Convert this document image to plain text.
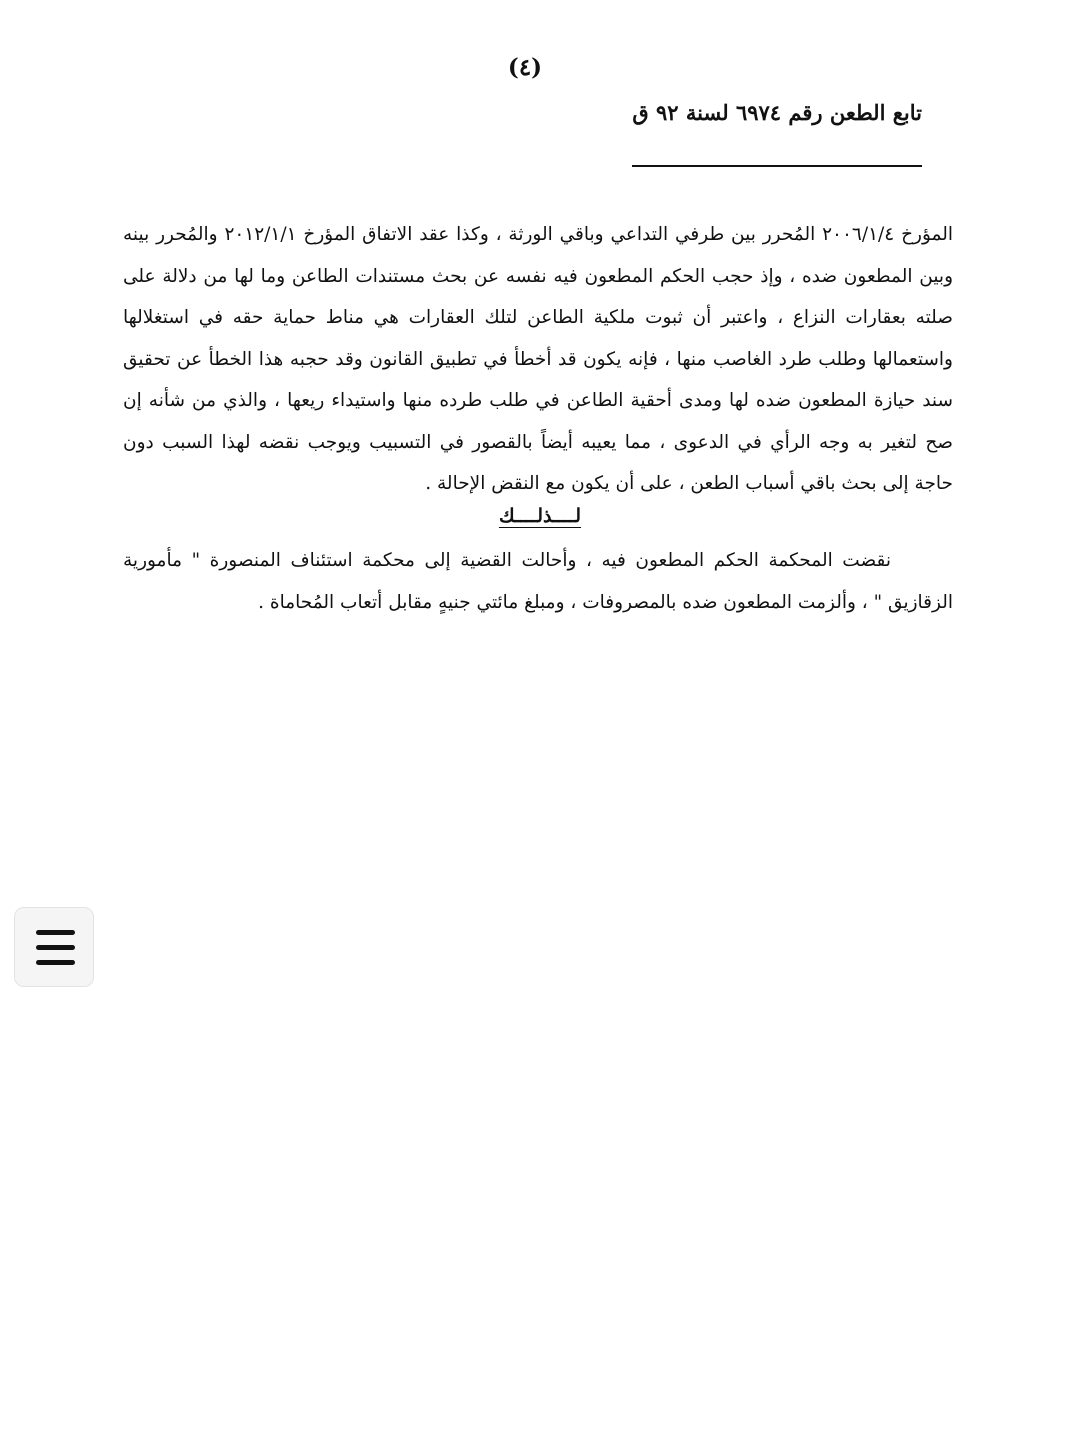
(٤)
تابع الطعن رقم ٦٩٧٤ لسنة ٩٢ ق

المؤرخ ٢٠٠٦/١/٤ المُحرر بين طرفي التداعي وباقي الورثة ، وكذا عقد الاتفاق المؤرخ ٢٠١٢/١/١ والمُحرر بينه وبين المطعون ضده ، وإذ حجب الحكم المطعون فيه نفسه عن بحث مستندات الطاعن وما لها من دلالة على صلته بعقارات النزاع ، واعتبر أن ثبوت ملكية الطاعن لتلك العقارات هي مناط حماية حقه في استغلالها واستعمالها وطلب طرد الغاصب منها ، فإنه يكون قد أخطأ في تطبيق القانون وقد حجبه هذا الخطأ عن تحقيق سند حيازة المطعون ضده لها ومدى أحقية الطاعن في طلب طرده منها واستيداء ريعها ، والذي من شأنه إن صح لتغير به وجه الرأي في الدعوى ، مما يعيبه أيضاً بالقصور في التسبيب ويوجب نقضه لهذا السبب دون حاجة إلى بحث باقي أسباب الطعن ، على أن يكون مع النقض الإحالة .

لــــذلــــك

نقضت المحكمة الحكم المطعون فيه ، وأحالت القضية إلى محكمة استئناف المنصورة " مأمورية الزقازيق " ، وألزمت المطعون ضده بالمصروفات ، ومبلغ مائتي جنيهٍ مقابل أتعاب المُحاماة .
